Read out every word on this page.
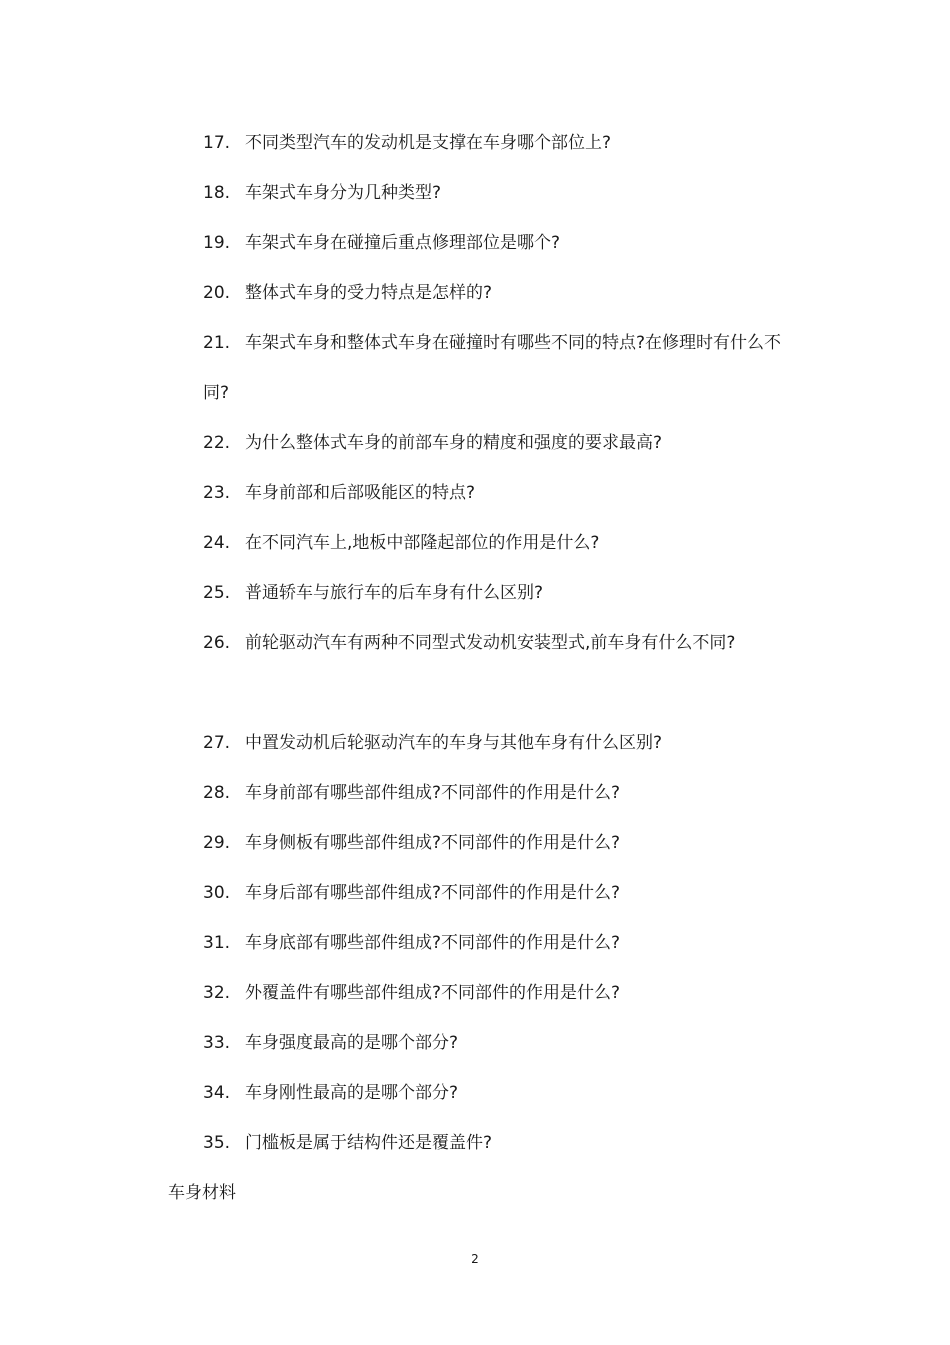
17. 不同类型汽车的发动机是支撑在车身哪个部位上?

18. 车架式车身分为几种类型?

19. 车架式车身在碰撞后重点修理部位是哪个?

20. 整体式车身的受力特点是怎样的?

21. 车架式车身和整体式车身在碰撞时有哪些不同的特点?在修理时有什么不同?

22. 为什么整体式车身的前部车身的精度和强度的要求最高?

23. 车身前部和后部吸能区的特点?

24. 在不同汽车上,地板中部隆起部位的作用是什么?

25. 普通轿车与旅行车的后车身有什么区别?

26. 前轮驱动汽车有两种不同型式发动机安装型式,前车身有什么不同?

27. 中置发动机后轮驱动汽车的车身与其他车身有什么区别?

28. 车身前部有哪些部件组成?不同部件的作用是什么?

29. 车身侧板有哪些部件组成?不同部件的作用是什么?

30. 车身后部有哪些部件组成?不同部件的作用是什么?

31. 车身底部有哪些部件组成?不同部件的作用是什么?

32. 外覆盖件有哪些部件组成?不同部件的作用是什么?

33. 车身强度最高的是哪个部分?

34. 车身刚性最高的是哪个部分?

35. 门槛板是属于结构件还是覆盖件?

车身材料

2
